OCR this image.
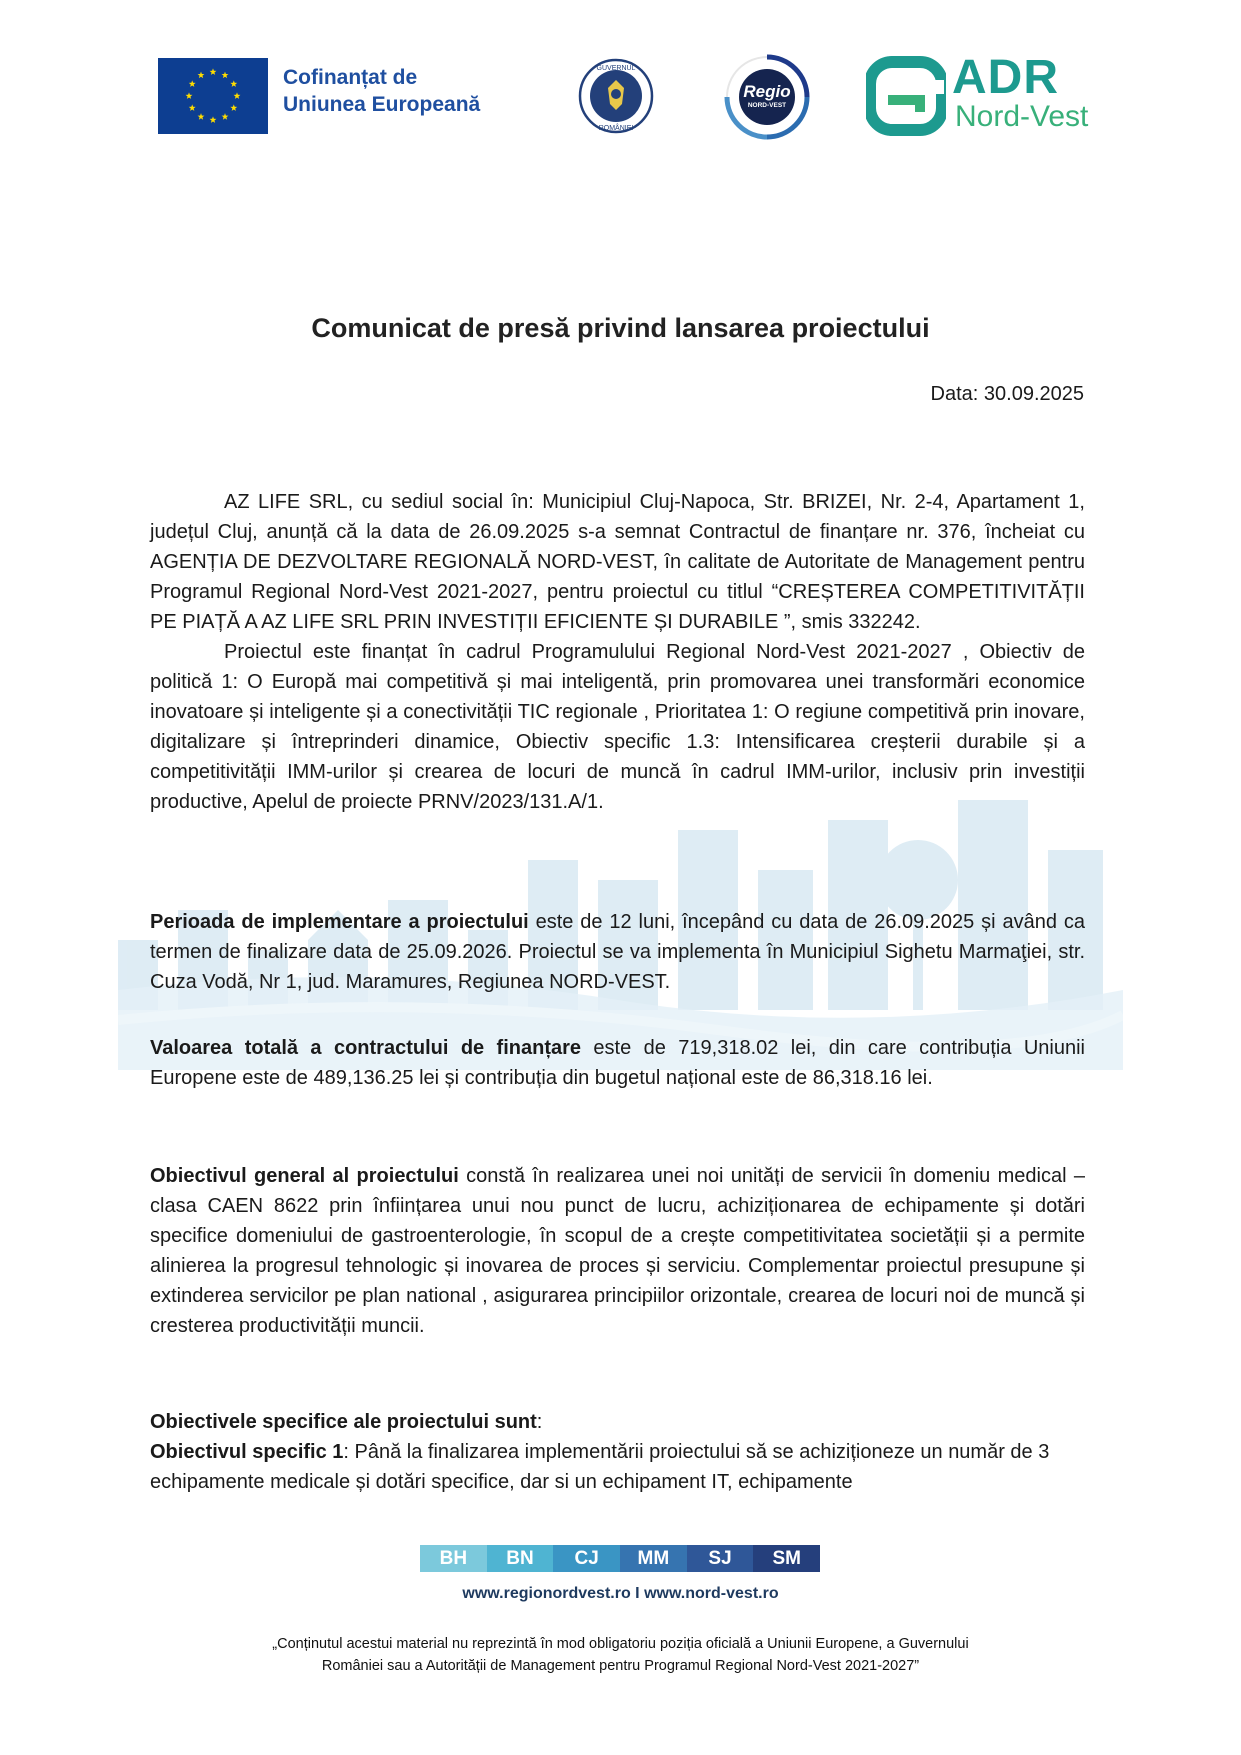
Cofinanțat de
Uniunea Europeană
GUVERNUL
ROMÂNIEI
Regio
NORD-VEST
ADR
Nord-Vest
Comunicat de presă privind lansarea proiectului
Data: 30.09.2025

AZ LIFE SRL, cu sediul social în: Municipiul Cluj-Napoca, Str. BRIZEI, Nr. 2-4, Apartament 1, județul Cluj, anunță că la data de 26.09.2025 s-a semnat Contractul de finanțare nr. 376, încheiat cu AGENȚIA DE DEZVOLTARE REGIONALĂ NORD-VEST, în calitate de Autoritate de Management pentru Programul Regional Nord-Vest 2021-2027, pentru proiectul cu titlul “CREȘTEREA COMPETITIVITĂȚII PE PIAȚĂ A AZ LIFE SRL PRIN INVESTIȚII EFICIENTE ȘI DURABILE ”, smis 332242.

Proiectul este finanțat în cadrul Programulului Regional Nord-Vest 2021-2027 , Obiectiv de politică 1: O Europă mai competitivă și mai inteligentă, prin promovarea unei transformări economice inovatoare și inteligente și a conectivității TIC regionale , Prioritatea 1: O regiune competitivă prin inovare, digitalizare și întreprinderi dinamice, Obiectiv specific 1.3: Intensificarea creșterii durabile și a competitivității IMM-urilor și crearea de locuri de muncă în cadrul IMM-urilor, inclusiv prin investiții productive, Apelul de proiecte PRNV/2023/131.A/1.

Perioada de implementare a proiectului este de 12 luni, începând cu data de 26.09.2025 și având ca termen de finalizare data de 25.09.2026. Proiectul se va implementa în Municipiul Sighetu Marmaţiei, str. Cuza Vodă, Nr 1, jud. Maramures, Regiunea NORD-VEST.

Valoarea totală a contractului de finanțare este de 719,318.02 lei, din care contribuția Uniunii Europene este de 489,136.25 lei și contribuția din bugetul național este de 86,318.16 lei.

Obiectivul general al proiectului constă în realizarea unei noi unități de servicii în domeniu medical –clasa CAEN 8622 prin înființarea unui nou punct de lucru, achiziționarea de echipamente și dotări specifice domeniului de gastroenterologie, în scopul de a crește competitivitatea societății și a permite alinierea la progresul tehnologic și inovarea de proces și serviciu. Complementar proiectul presupune și extinderea servicilor pe plan national , asigurarea principiilor orizontale, crearea de locuri noi de muncă și cresterea productivității muncii.

Obiectivele specifice ale proiectului sunt:

Obiectivul specific 1: Până la finalizarea implementării proiectului să se achiziționeze un număr de 3 echipamente medicale și dotări specifice, dar si un echipament IT, echipamente

BH	BN	CJ	MM	SJ	SM
www.regionordvest.ro I www.nord-vest.ro
„Conținutul acestui material nu reprezintă în mod obligatoriu poziția oficială a Uniunii Europene, a Guvernului
României sau a Autorității de Management pentru Programul Regional Nord-Vest 2021-2027”
